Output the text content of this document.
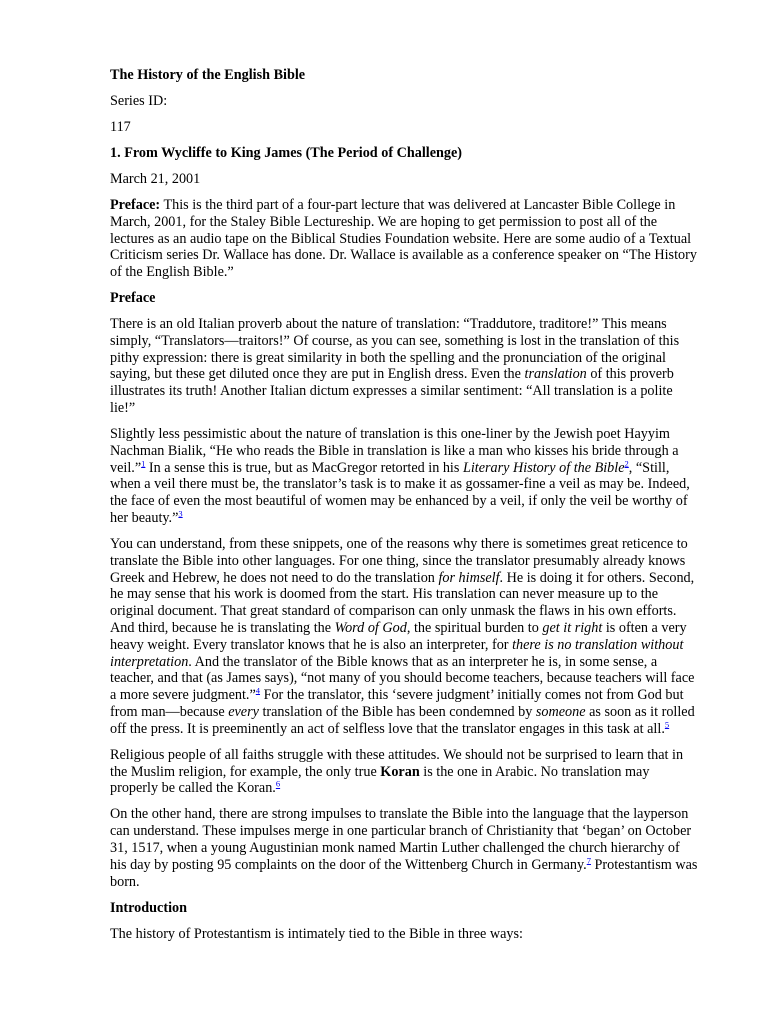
The History of the English Bible

Series ID:

117

1. From Wycliffe to King James (The Period of Challenge)

March 21, 2001

Preface: This is the third part of a four-part lecture that was delivered at Lancaster Bible College in March, 2001, for the Staley Bible Lectureship. We are hoping to get permission to post all of the lectures as an audio tape on the Biblical Studies Foundation website. Here are some audio of a Textual Criticism series Dr. Wallace has done. Dr. Wallace is available as a conference speaker on “The History of the English Bible.”

Preface

There is an old Italian proverb about the nature of translation: “Traddutore, traditore!” This means simply, “Translators—traitors!” Of course, as you can see, something is lost in the translation of this pithy expression: there is great similarity in both the spelling and the pronunciation of the original saying, but these get diluted once they are put in English dress. Even the translation of this proverb illustrates its truth! Another Italian dictum expresses a similar sentiment: “All translation is a polite lie!”

Slightly less pessimistic about the nature of translation is this one-liner by the Jewish poet Hayyim Nachman Bialik, “He who reads the Bible in translation is like a man who kisses his bride through a veil.”$^1$ In a sense this is true, but as MacGregor retorted in his Literary History of the Bible$^2$, “Still, when a veil there must be, the translator’s task is to make it as gossamer-fine a veil as may be. Indeed, the face of even the most beautiful of women may be enhanced by a veil, if only the veil be worthy of her beauty.”$^3$

You can understand, from these snippets, one of the reasons why there is sometimes great reticence to translate the Bible into other languages. For one thing, since the translator presumably already knows Greek and Hebrew, he does not need to do the translation for himself. He is doing it for others. Second, he may sense that his work is doomed from the start. His translation can never measure up to the original document. That great standard of comparison can only unmask the flaws in his own efforts. And third, because he is translating the Word of God, the spiritual burden to get it right is often a very heavy weight. Every translator knows that he is also an interpreter, for there is no translation without interpretation. And the translator of the Bible knows that as an interpreter he is, in some sense, a teacher, and that (as James says), “not many of you should become teachers, because teachers will face a more severe judgment.”$^4$ For the translator, this ‘severe judgment’ initially comes not from God but from man—because every translation of the Bible has been condemned by someone as soon as it rolled off the press. It is preeminently an act of selfless love that the translator engages in this task at all.$^5$

Religious people of all faiths struggle with these attitudes. We should not be surprised to learn that in the Muslim religion, for example, the only true Koran is the one in Arabic. No translation may properly be called the Koran.$^6$

On the other hand, there are strong impulses to translate the Bible into the language that the layperson can understand. These impulses merge in one particular branch of Christianity that ‘began’ on October 31, 1517, when a young Augustinian monk named Martin Luther challenged the church hierarchy of his day by posting 95 complaints on the door of the Wittenberg Church in Germany.$^7$ Protestantism was born.

Introduction

The history of Protestantism is intimately tied to the Bible in three ways:
